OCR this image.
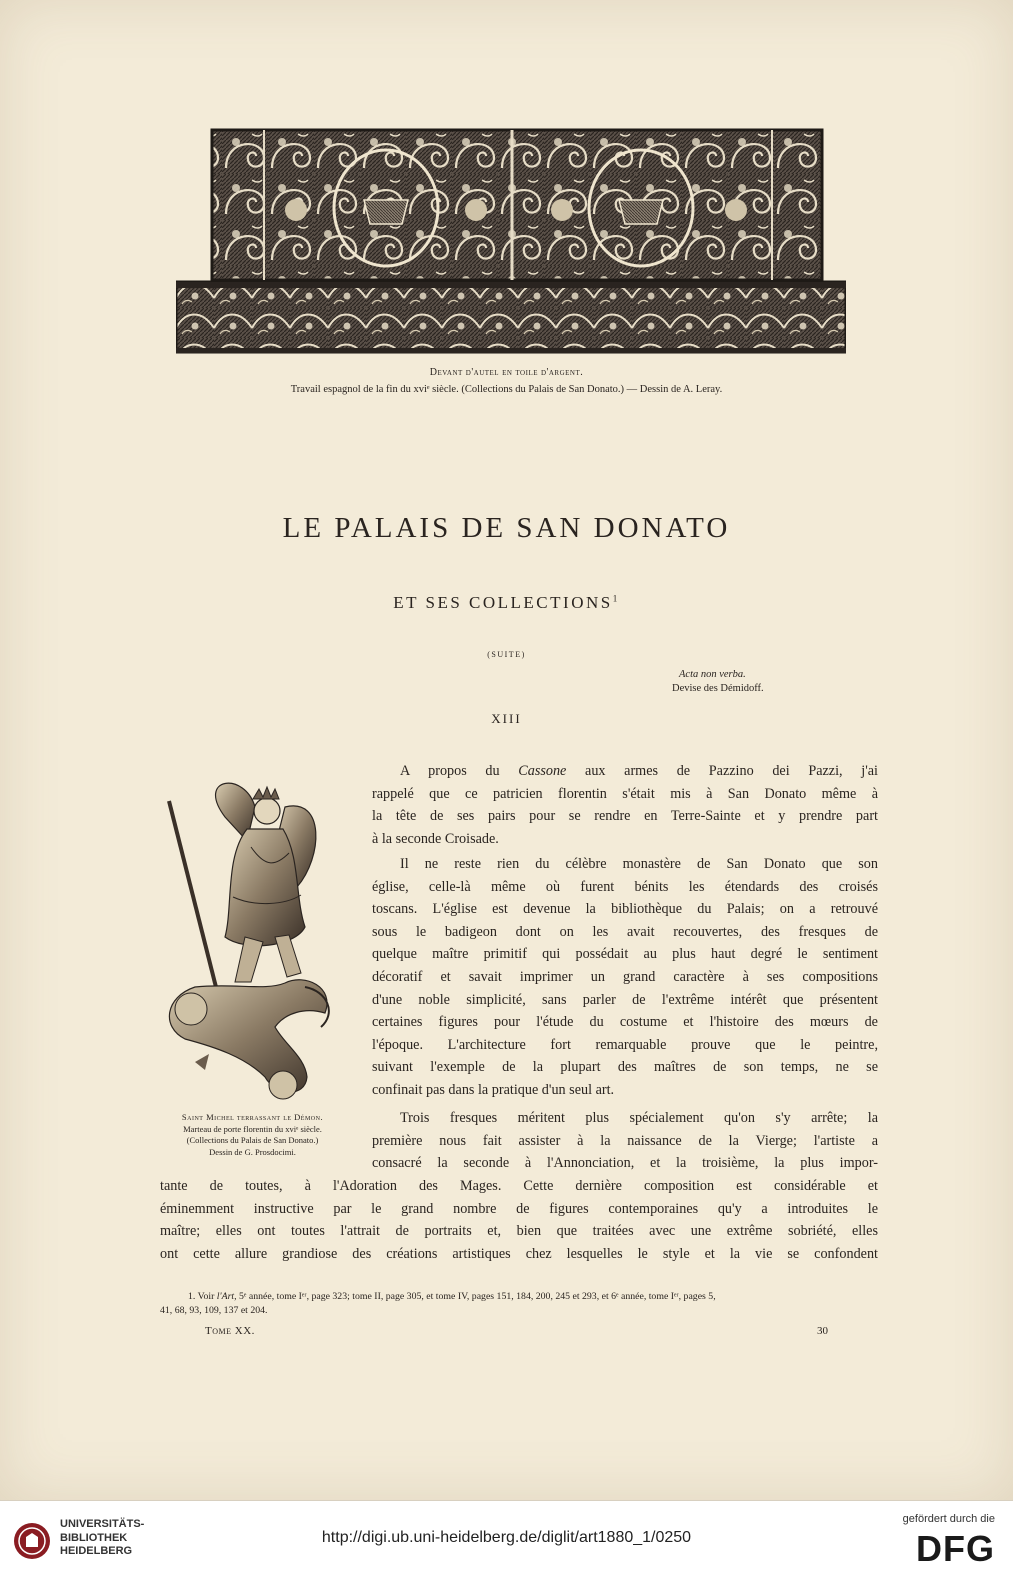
Devant d'autel en toile d'argent.
Travail espagnol de la fin du xviᵉ siècle. (Collections du Palais de San Donato.) — Dessin de A. Leray.
LE PALAIS DE SAN DONATO
ET SES COLLECTIONS$^1$
(SUITE)
Acta non verba.
Devise des Démidoff.
XIII
Saint Michel terrassant le Démon.
Marteau de porte florentin du xviᵉ siècle.
(Collections du Palais de San Donato.)
Dessin de G. Prosdocimi.
A propos du Cassone aux armes de Pazzino dei Pazzi, j'ai
rappelé que ce patricien florentin s'était mis à San Donato même à
la tête de ses pairs pour se rendre en Terre-Sainte et y prendre part
à la seconde Croisade.
Il ne reste rien du célèbre monastère de San Donato que son
église, celle-là même où furent bénits les étendards des croisés
toscans. L'église est devenue la bibliothèque du Palais; on a retrouvé
sous le badigeon dont on les avait recouvertes, des fresques de
quelque maître primitif qui possédait au plus haut degré le sentiment
décoratif et savait imprimer un grand caractère à ses compositions
d'une noble simplicité, sans parler de l'extrême intérêt que présentent
certaines figures pour l'étude du costume et l'histoire des mœurs de
l'époque. L'architecture fort remarquable prouve que le peintre,
suivant l'exemple de la plupart des maîtres de son temps, ne se
confinait pas dans la pratique d'un seul art.
Trois fresques méritent plus spécialement qu'on s'y arrête; la
première nous fait assister à la naissance de la Vierge; l'artiste a
consacré la seconde à l'Annonciation, et la troisième, la plus impor-
tante de toutes, à l'Adoration des Mages. Cette dernière composition est considérable et
éminemment instructive par le grand nombre de figures contemporaines qu'y a introduites le
maître; elles ont toutes l'attrait de portraits et, bien que traitées avec une extrême sobriété, elles
ont cette allure grandiose des créations artistiques chez lesquelles le style et la vie se confondent
1. Voir l'Art, 5ᵉ année, tome Iᵉʳ, page 323; tome II, page 305, et tome IV, pages 151, 184, 200, 245 et 293, et 6ᵉ année, tome Iᵉʳ, pages 5,
41, 68, 93, 109, 137 et 204.
Tome XX.	30
UNIVERSITÄTS-
BIBLIOTHEK
HEIDELBERG
http://digi.ub.uni-heidelberg.de/diglit/art1880_1/0250
gefördert durch die
DFG
